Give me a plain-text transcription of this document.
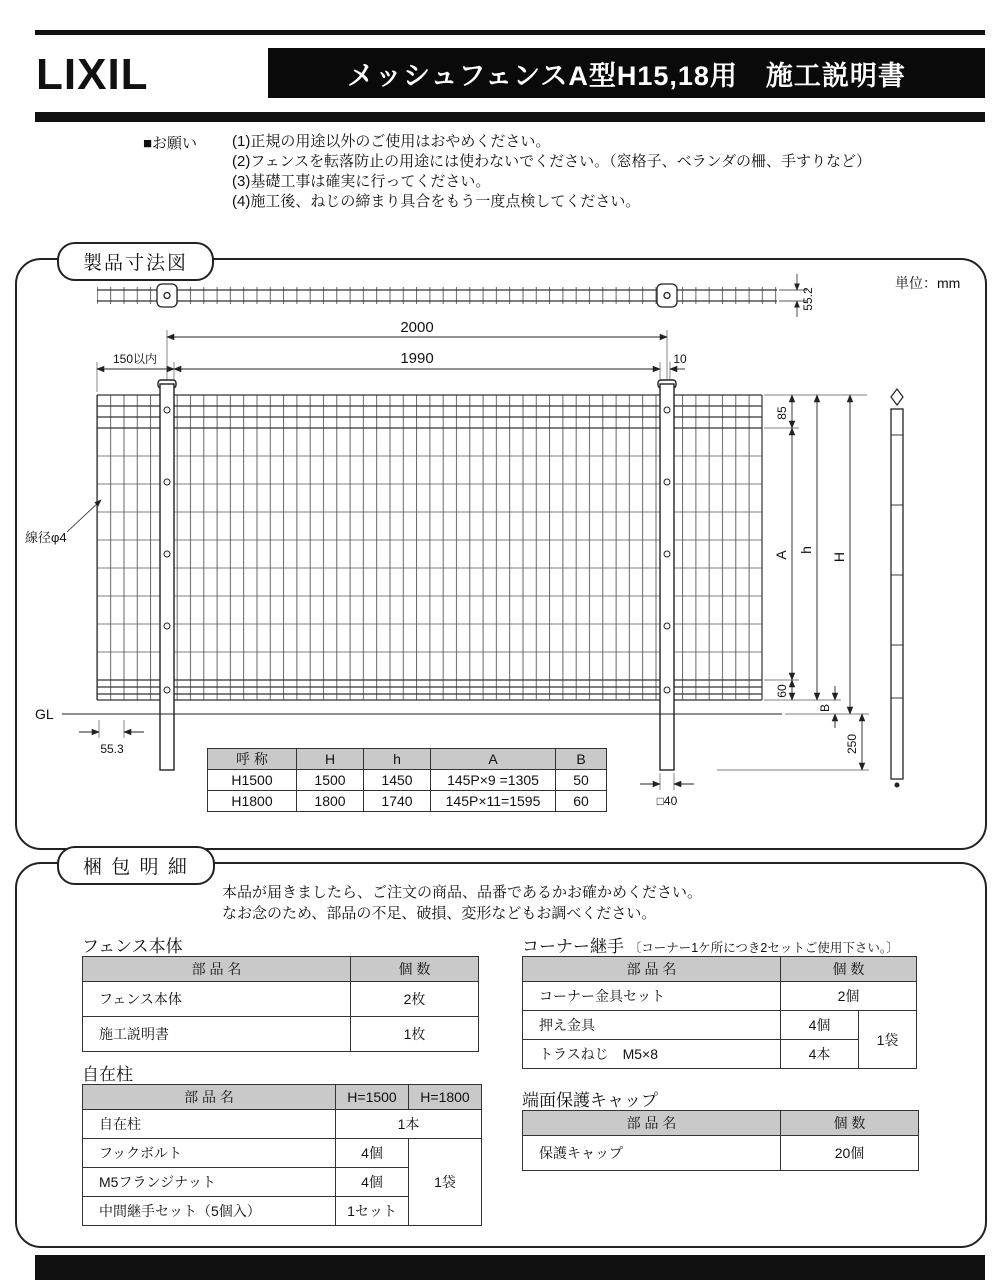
LIXIL	メッシュフェンスA型H15,18用　施工説明書
■お願い (1)正規の用途以外のご使用はおやめください。
(2)フェンスを転落防止の用途には使わないでください。（窓格子、ベランダの柵、手すりなど）
(3)基礎工事は確実に行ってください。
(4)施工後、ねじの締まり具合をもう一度点検してください。
製品寸法図
単位：mm
55.2
2000
150以内	1990	10
GL
線径φ4
55.3
□40
85
A
60
h
B
H
250
呼 称	H	h	A	B
H1500	1500	1450	145P×9 =1305	50
H1800	1800	1740	145P×11=1595	60
梱 包 明 細
本品が届きましたら、ご注文の商品、品番であるかお確かめください。
なお念のため、部品の不足、破損、変形などもお調べください。
フェンス本体
部 品 名	個 数
フェンス本体	2枚
施工説明書	1枚
自在柱
部 品 名	H=1500	H=1800
自在柱	1本	
フックボルト	4個	1袋
M5フランジナット	4個	
中間継手セット（5個入）	1セット	
コーナー継手 〔コーナー1ケ所につき2セットご使用下さい。〕
部 品 名	個 数	
コーナー金具セット	2個	
押え金具	4個	1袋
トラスねじ　M5×8	4本	
端面保護キャップ
部 品 名	個 数
保護キャップ	20個
